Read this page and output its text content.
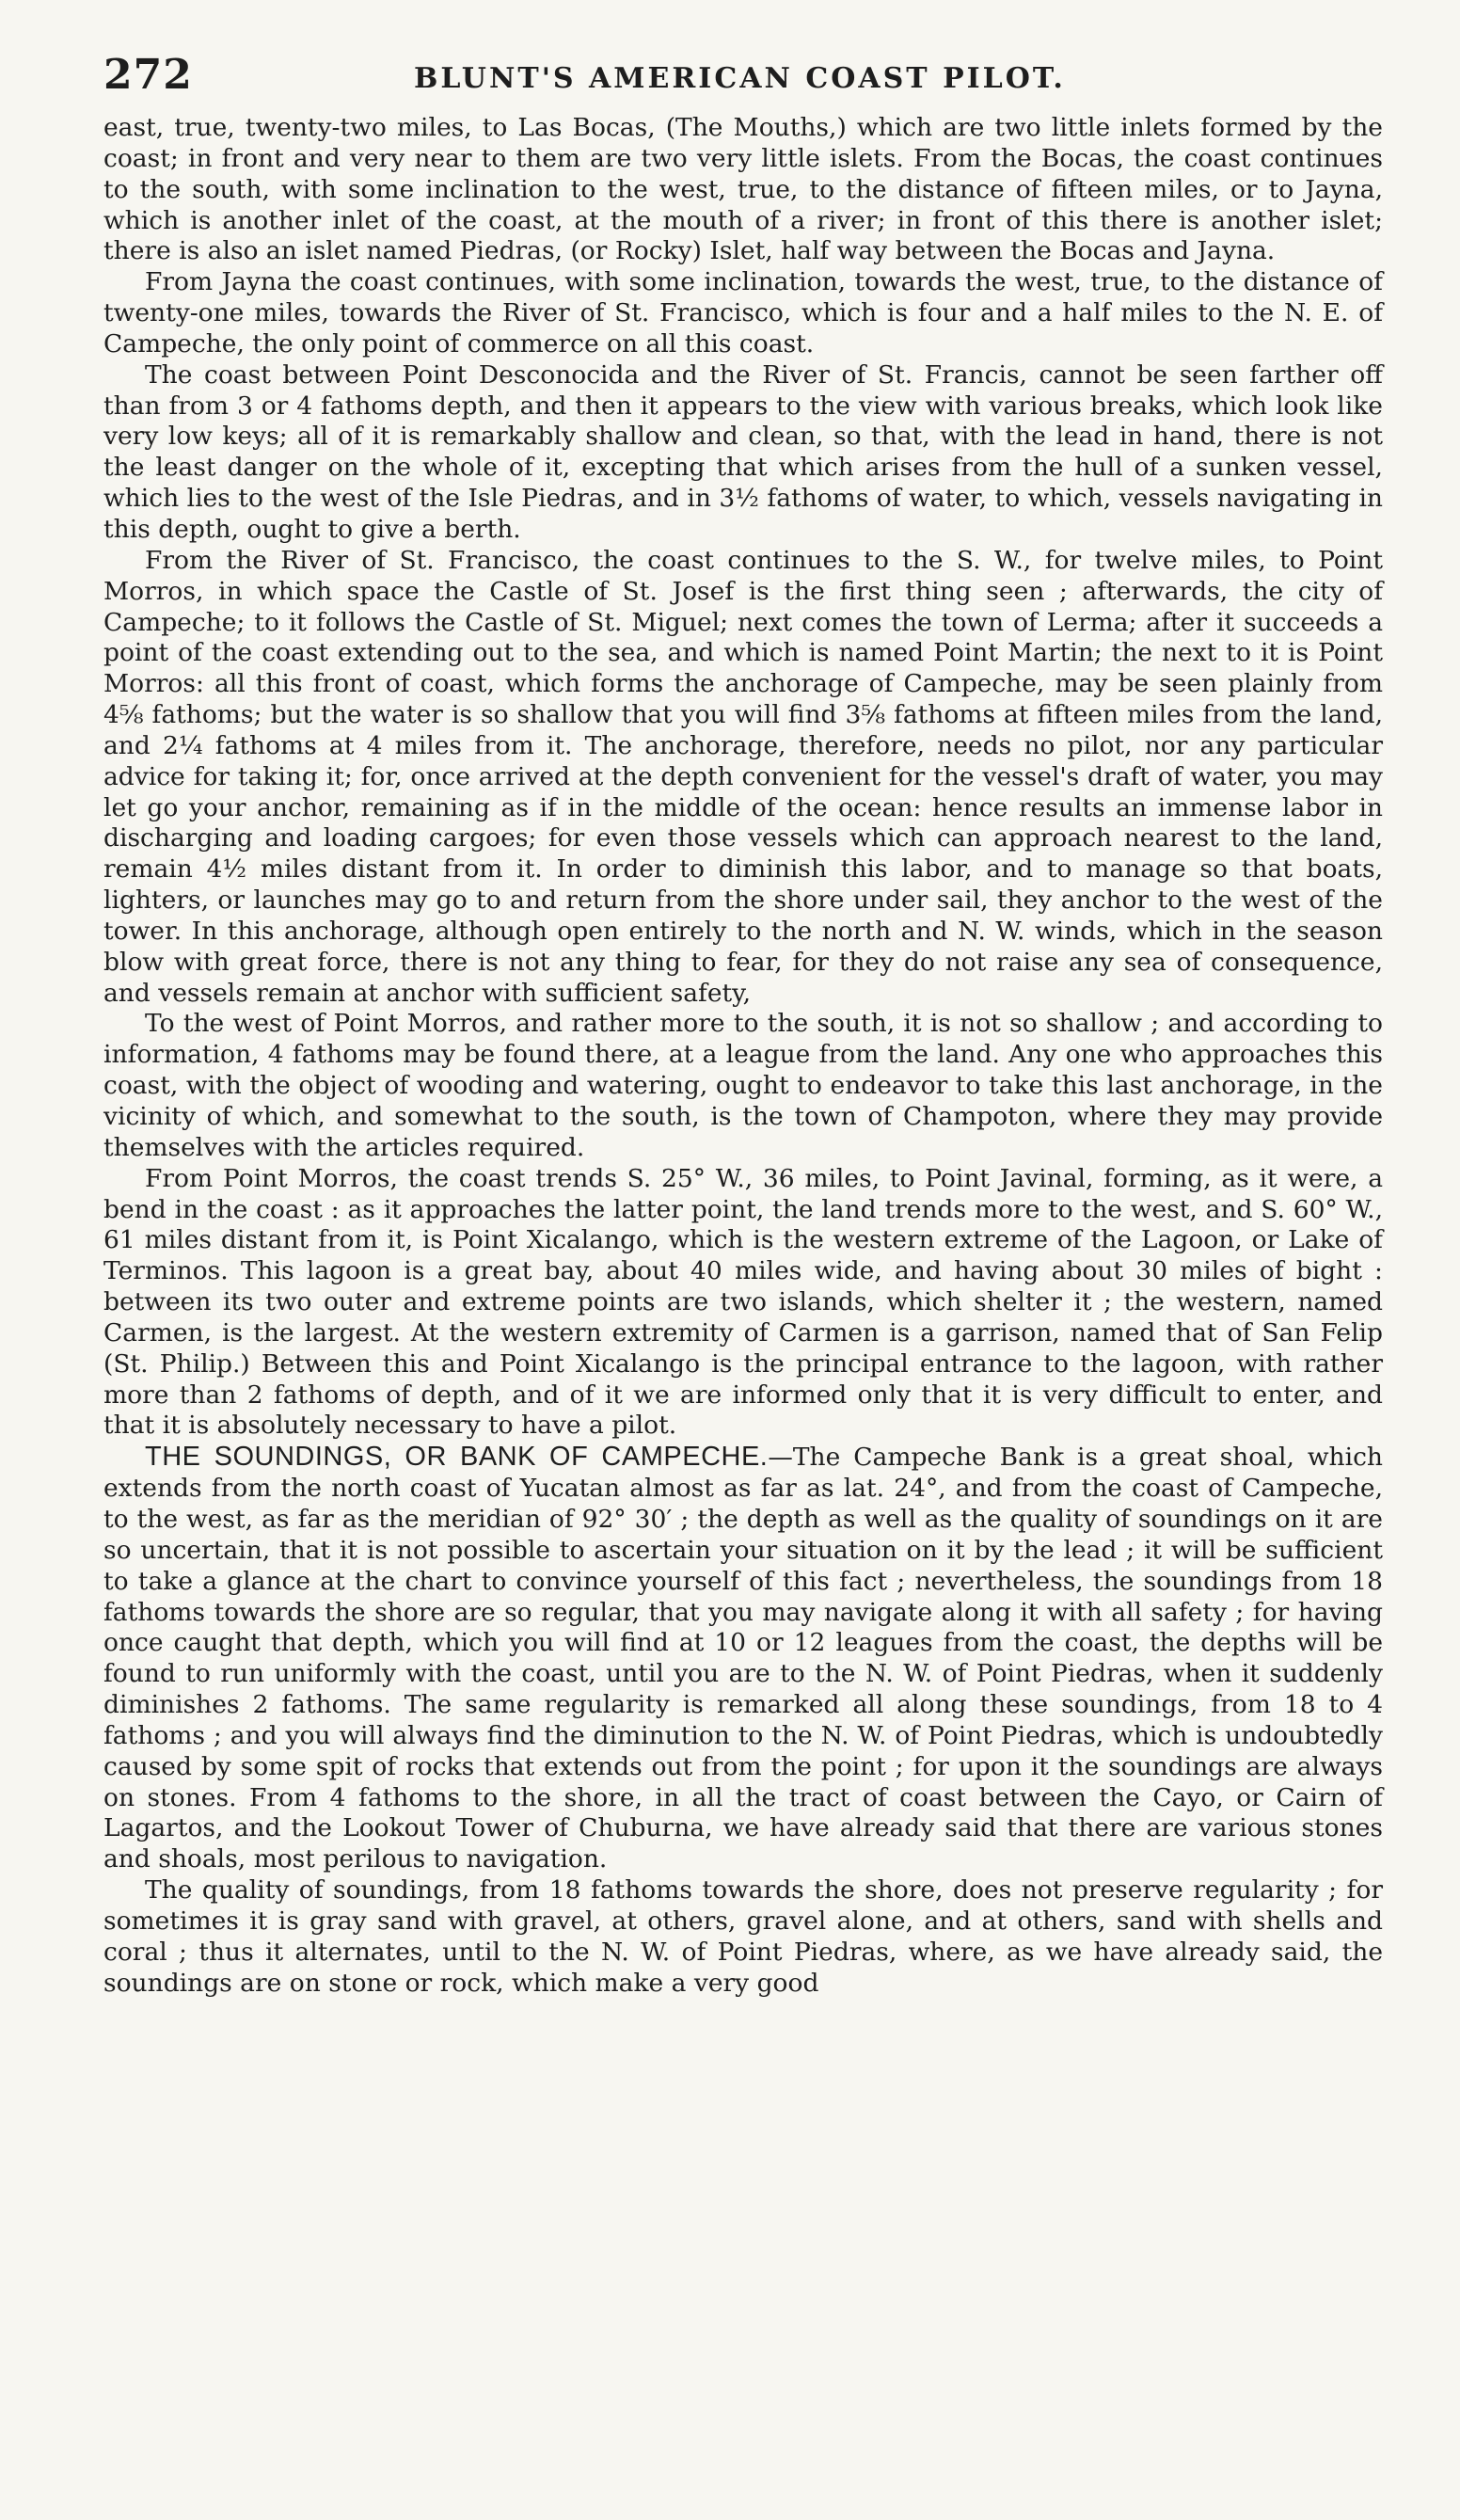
272	BLUNT'S AMERICAN COAST PILOT.

east, true, twenty-two miles, to Las Bocas, (The Mouths,) which are two little inlets formed by the coast; in front and very near to them are two very little islets. From the Bocas, the coast continues to the south, with some inclination to the west, true, to the distance of fifteen miles, or to Jayna, which is another inlet of the coast, at the mouth of a river; in front of this there is another islet; there is also an islet named Piedras, (or Rocky) Islet, half way between the Bocas and Jayna.

From Jayna the coast continues, with some inclination, towards the west, true, to the distance of twenty-one miles, towards the River of St. Francisco, which is four and a half miles to the N. E. of Campeche, the only point of commerce on all this coast.

The coast between Point Desconocida and the River of St. Francis, cannot be seen farther off than from 3 or 4 fathoms depth, and then it appears to the view with various breaks, which look like very low keys; all of it is remarkably shallow and clean, so that, with the lead in hand, there is not the least danger on the whole of it, excepting that which arises from the hull of a sunken vessel, which lies to the west of the Isle Piedras, and in 3½ fathoms of water, to which, vessels navigating in this depth, ought to give a berth.

From the River of St. Francisco, the coast continues to the S. W., for twelve miles, to Point Morros, in which space the Castle of St. Josef is the first thing seen ; afterwards, the city of Campeche; to it follows the Castle of St. Miguel; next comes the town of Lerma; after it succeeds a point of the coast extending out to the sea, and which is named Point Martin; the next to it is Point Morros: all this front of coast, which forms the anchorage of Campeche, may be seen plainly from 4⅝ fathoms; but the water is so shallow that you will find 3⅝ fathoms at fifteen miles from the land, and 2¼ fathoms at 4 miles from it. The anchorage, therefore, needs no pilot, nor any particular advice for taking it; for, once arrived at the depth convenient for the vessel's draft of water, you may let go your anchor, remaining as if in the middle of the ocean: hence results an immense labor in discharging and loading cargoes; for even those vessels which can approach nearest to the land, remain 4½ miles distant from it. In order to diminish this labor, and to manage so that boats, lighters, or launches may go to and return from the shore under sail, they anchor to the west of the tower. In this anchorage, although open entirely to the north and N. W. winds, which in the season blow with great force, there is not any thing to fear, for they do not raise any sea of consequence, and vessels remain at anchor with sufficient safety,

To the west of Point Morros, and rather more to the south, it is not so shallow ; and according to information, 4 fathoms may be found there, at a league from the land. Any one who approaches this coast, with the object of wooding and watering, ought to endeavor to take this last anchorage, in the vicinity of which, and somewhat to the south, is the town of Champoton, where they may provide themselves with the articles required.

From Point Morros, the coast trends S. 25° W., 36 miles, to Point Javinal, forming, as it were, a bend in the coast : as it approaches the latter point, the land trends more to the west, and S. 60° W., 61 miles distant from it, is Point Xicalango, which is the western extreme of the Lagoon, or Lake of Terminos. This lagoon is a great bay, about 40 miles wide, and having about 30 miles of bight : between its two outer and extreme points are two islands, which shelter it ; the western, named Carmen, is the largest. At the western extremity of Carmen is a garrison, named that of San Felip (St. Philip.) Between this and Point Xicalango is the principal entrance to the lagoon, with rather more than 2 fathoms of depth, and of it we are informed only that it is very difficult to enter, and that it is absolutely necessary to have a pilot.

THE SOUNDINGS, OR BANK OF CAMPECHE.—The Campeche Bank is a great shoal, which extends from the north coast of Yucatan almost as far as lat. 24°, and from the coast of Campeche, to the west, as far as the meridian of 92° 30′ ; the depth as well as the quality of soundings on it are so uncertain, that it is not possible to ascertain your situation on it by the lead ; it will be sufficient to take a glance at the chart to convince yourself of this fact ; nevertheless, the soundings from 18 fathoms towards the shore are so regular, that you may navigate along it with all safety ; for having once caught that depth, which you will find at 10 or 12 leagues from the coast, the depths will be found to run uniformly with the coast, until you are to the N. W. of Point Piedras, when it suddenly diminishes 2 fathoms. The same regularity is remarked all along these soundings, from 18 to 4 fathoms ; and you will always find the diminution to the N. W. of Point Piedras, which is undoubtedly caused by some spit of rocks that extends out from the point ; for upon it the soundings are always on stones. From 4 fathoms to the shore, in all the tract of coast between the Cayo, or Cairn of Lagartos, and the Lookout Tower of Chuburna, we have already said that there are various stones and shoals, most perilous to navigation.

The quality of soundings, from 18 fathoms towards the shore, does not preserve regularity ; for sometimes it is gray sand with gravel, at others, gravel alone, and at others, sand with shells and coral ; thus it alternates, until to the N. W. of Point Piedras, where, as we have already said, the soundings are on stone or rock, which make a very good
